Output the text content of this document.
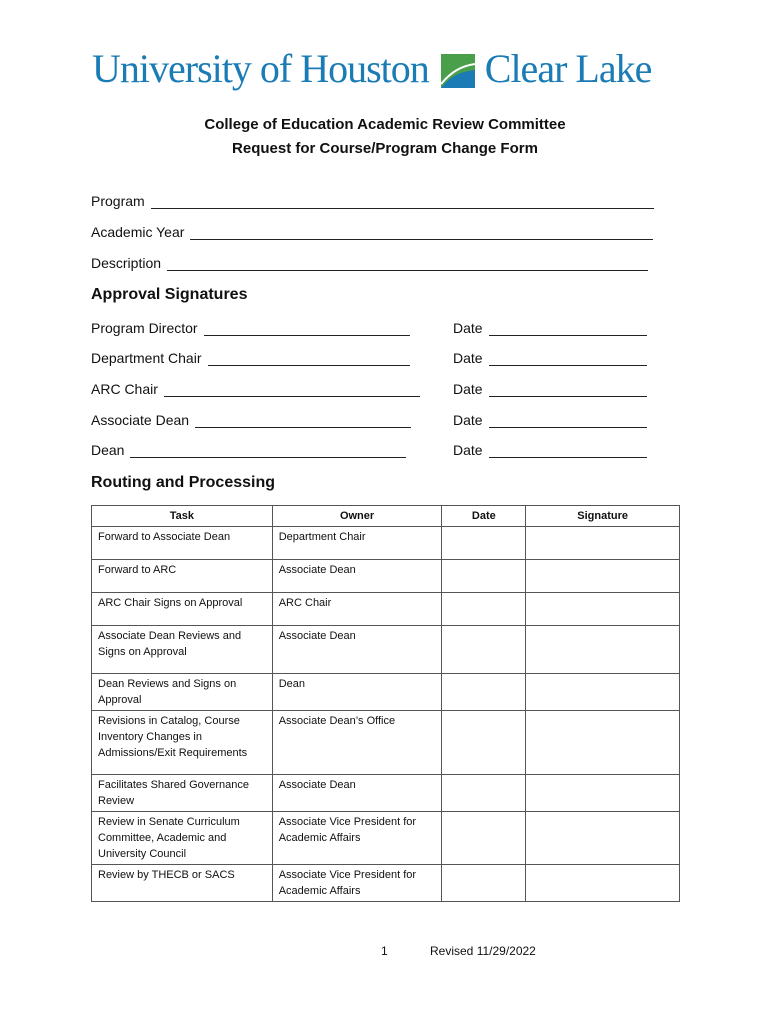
University of Houston Clear Lake
College of Education Academic Review Committee
Request for Course/Program Change Form
Program
Academic Year
Description
Approval Signatures
Program Director	Date
Department Chair	Date
ARC Chair	Date
Associate Dean	Date
Dean	Date
Routing and Processing
Task	Owner	Date	Signature
Forward to Associate Dean	Department Chair		
Forward to ARC	Associate Dean		
ARC Chair Signs on Approval	ARC Chair		
Associate Dean Reviews and Signs on Approval	Associate Dean		
Dean Reviews and Signs on Approval	Dean		
Revisions in Catalog, Course Inventory Changes in Admissions/Exit Requirements	Associate Dean’s Office		
Facilitates Shared Governance Review	Associate Dean		
Review in Senate Curriculum Committee, Academic and University Council	Associate Vice President for Academic Affairs		
Review by THECB or SACS	Associate Vice President for Academic Affairs		
1	Revised 11/29/2022
